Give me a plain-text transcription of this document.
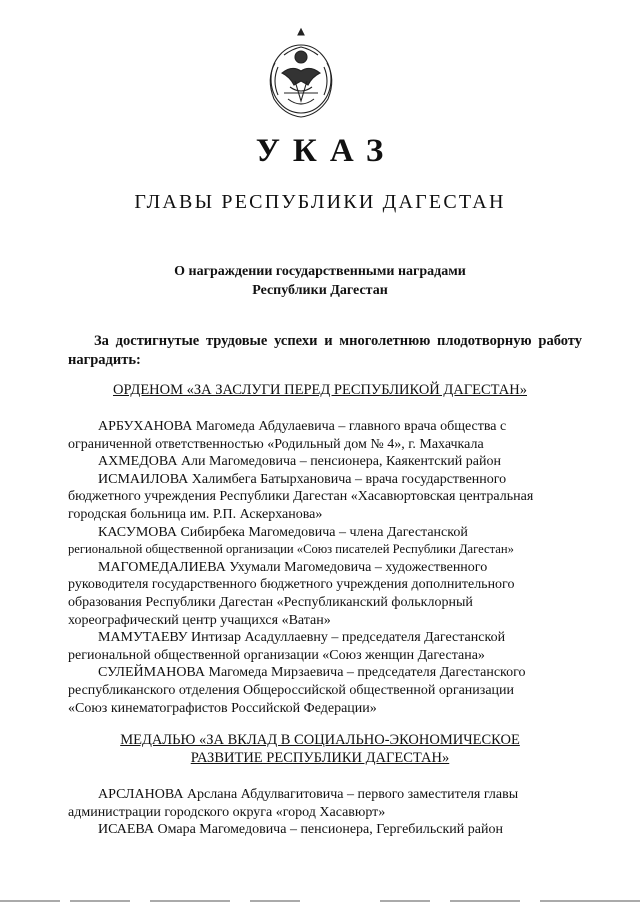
УКАЗ
ГЛАВЫ РЕСПУБЛИКИ ДАГЕСТАН
О награждении государственными наградами
Республики Дагестан
За достигнутые трудовые успехи и многолетнюю плодотворную работу наградить:
ОРДЕНОМ «ЗА ЗАСЛУГИ ПЕРЕД РЕСПУБЛИКОЙ ДАГЕСТАН»

АРБУХАНОВА Магомеда Абдулаевича – главного врача общества с
ограниченной ответственностью «Родильный дом № 4», г. Махачкала

АХМЕДОВА Али Магомедовича – пенсионера, Каякентский район

ИСМАИЛОВА Халимбега Батырхановича – врача государственного
бюджетного учреждения Республики Дагестан «Хасавюртовская центральная
городская больница им. Р.П. Аскерханова»

КАСУМОВА Сибирбека Магомедовича – члена Дагестанской
региональной общественной организации «Союз писателей Республики Дагестан»

МАГОМЕДАЛИЕВА Ухумали Магомедовича – художественного
руководителя государственного бюджетного учреждения дополнительного
образования Республики Дагестан «Республиканский фольклорный
хореографический центр учащихся «Ватан»

МАМУТАЕВУ Интизар Асадуллаевну – председателя Дагестанской
региональной общественной организации «Союз женщин Дагестана»

СУЛЕЙМАНОВА Магомеда Мирзаевича – председателя Дагестанского
республиканского отделения Общероссийской общественной организации
«Союз кинематографистов Российской Федерации»

МЕДАЛЬЮ «ЗА ВКЛАД В СОЦИАЛЬНО-ЭКОНОМИЧЕСКОЕ
РАЗВИТИЕ РЕСПУБЛИКИ ДАГЕСТАН»

АРСЛАНОВА Арслана Абдулвагитовича – первого заместителя главы
администрации городского округа «город Хасавюрт»

ИСАЕВА Омара Магомедовича – пенсионера, Гергебильский район
